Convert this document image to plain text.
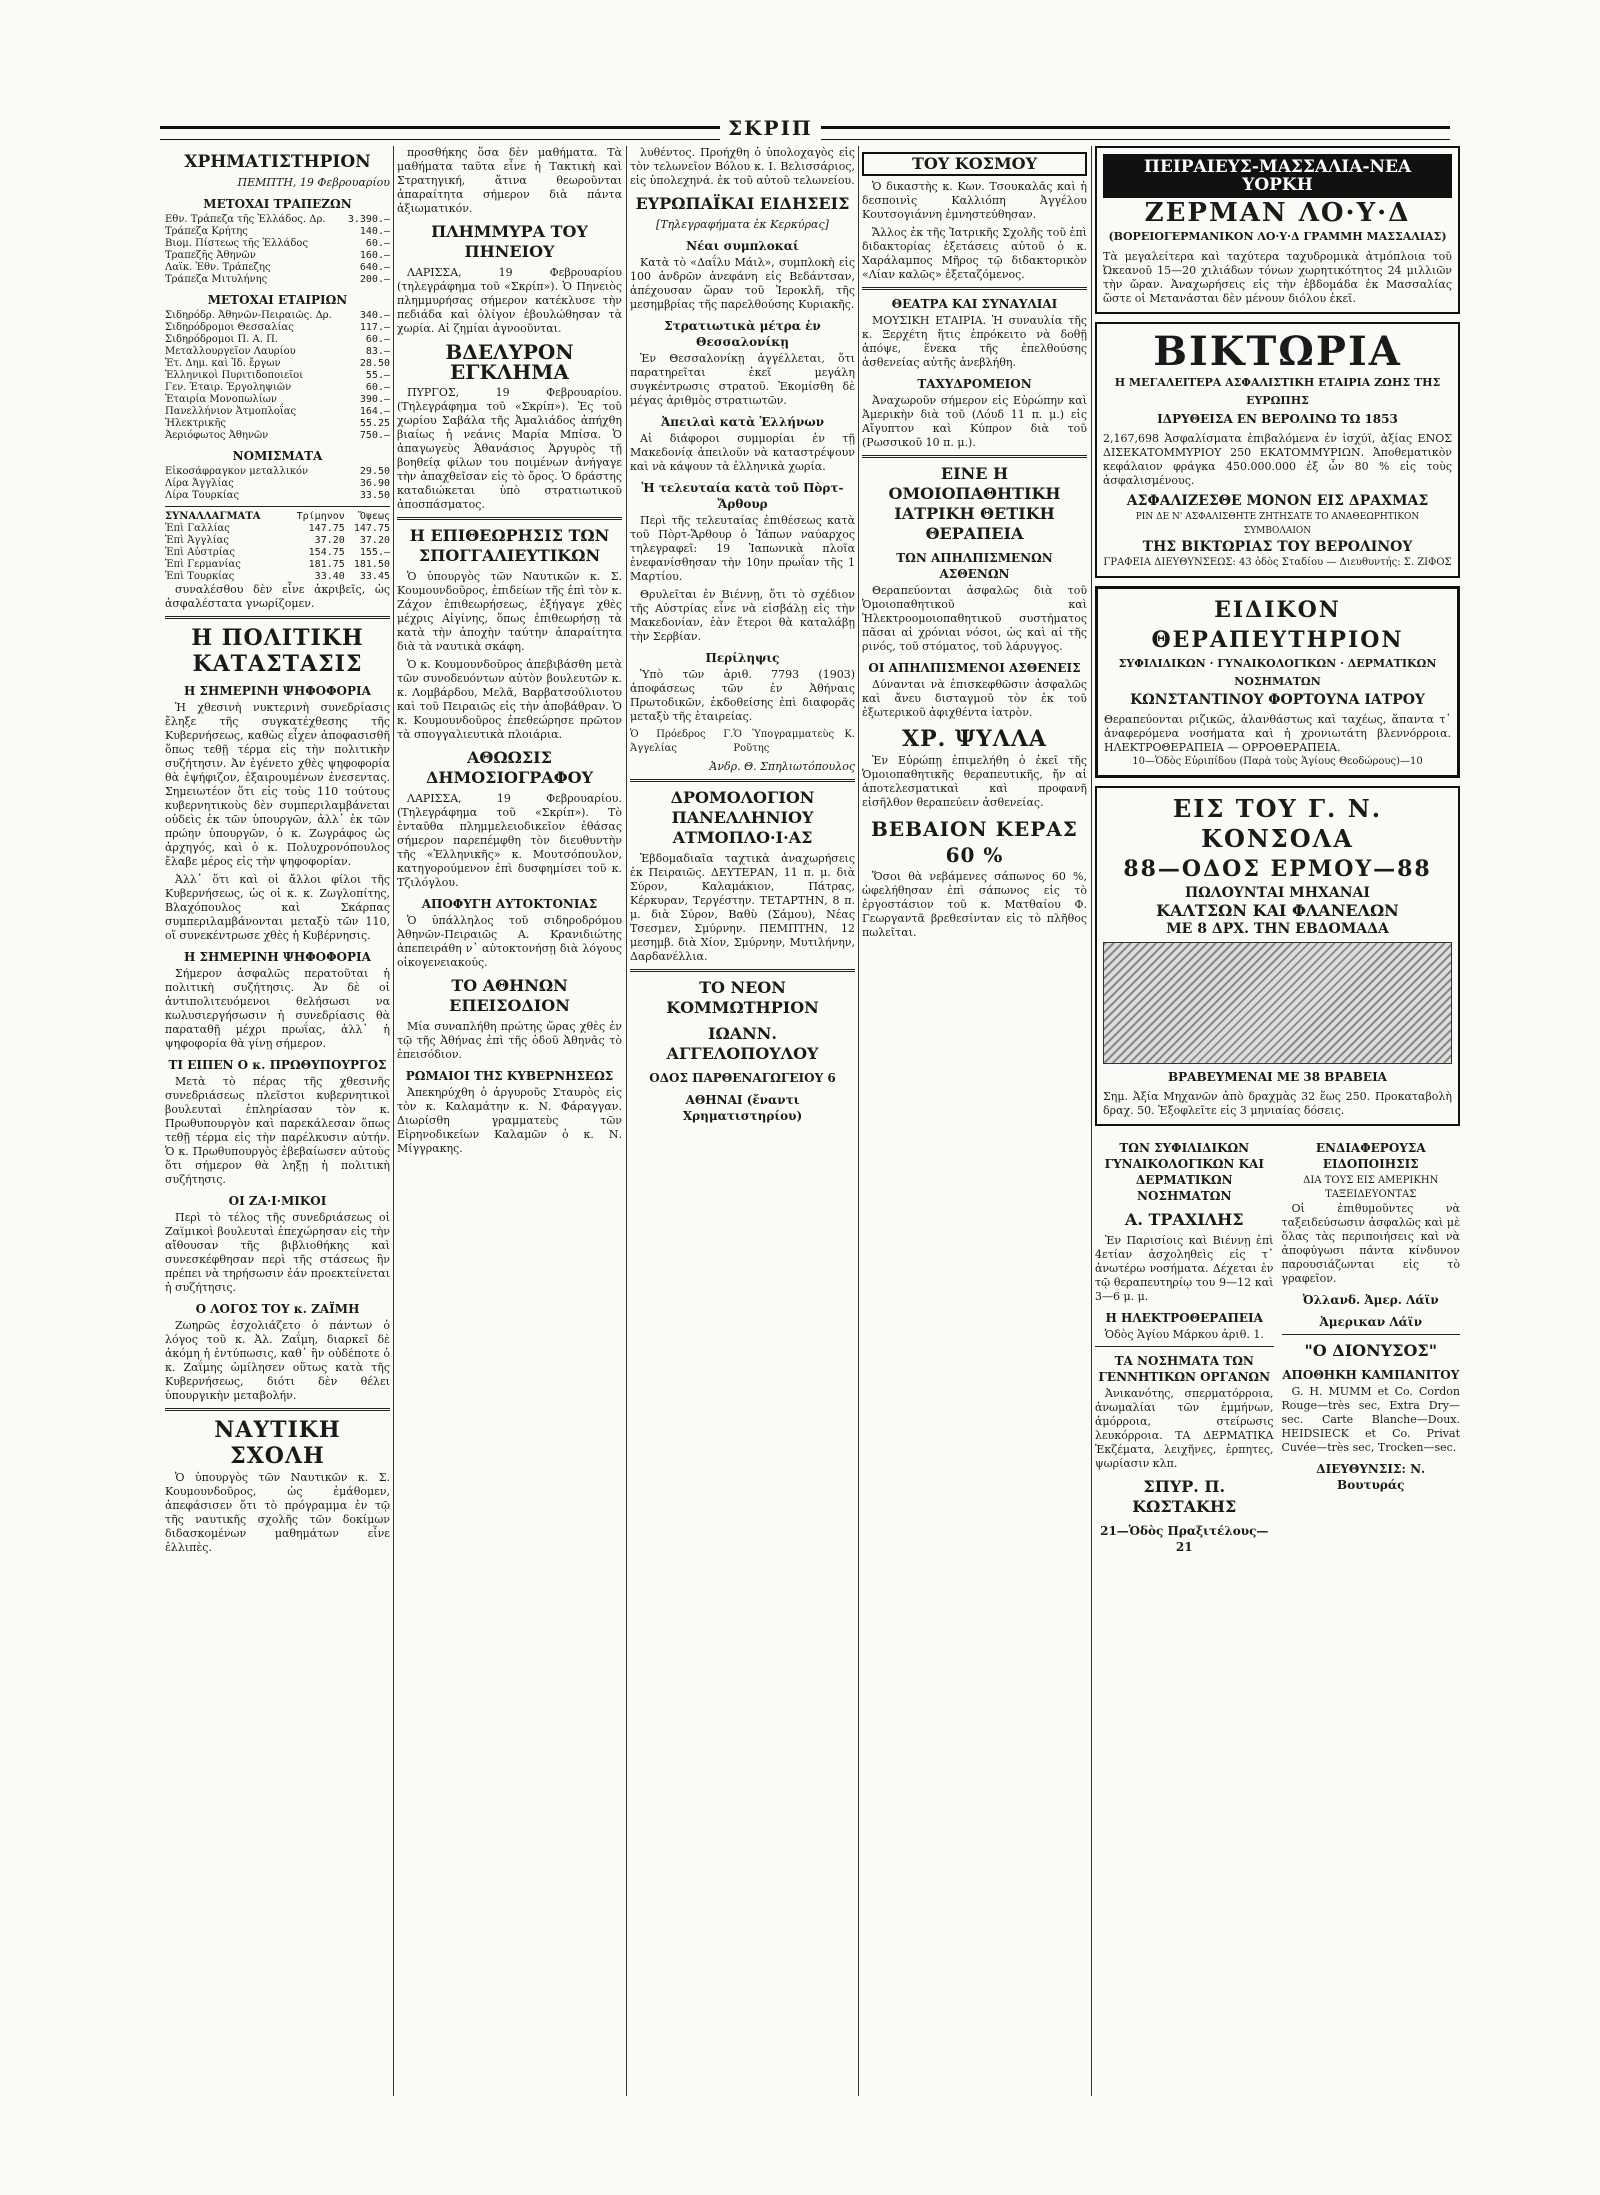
ΣΚΡΙΠ
ΧΡΗΜΑΤΙΣΤΗΡΙΟΝ
ΠΕΜΠΤΗ, 19 Φεβρουαρίου
ΜΕΤΟΧΑΙ ΤΡΑΠΕΖΩΝ
Εθν. Τράπεζα τῆς Ἑλλάδος. Δρ.	3.390.—
Τράπεζα Κρήτης	140.—
Βιομ. Πίστεως τῆς Ἑλλάδος	60.—
Τραπεζῆς Ἀθηνῶν	160.—
Λαϊκ. Ἐθν. Τράπεζης	640.—
Τράπεζα Μιτυλήνης	200.—
ΜΕΤΟΧΑΙ ΕΤΑΙΡΙΩΝ
Σιδηρόδρ. Ἀθηνῶν-Πειραιῶς. Δρ.	340.—
Σιδηρόδρομοι Θεσσαλίας	117.—
Σιδηρόδρομοι Π. Α. Π.	60.—
Μεταλλουργεῖον Λαυρίου	83.—
Ἑτ. Δημ. καὶ Ἰδ. ἔργων	28.50
Ἑλληνικοὶ Πυριτιδοποιεῖοι	55.—
Γεν. Ἑταιρ. Ἐργοληψιῶν	60.—
Ἑταιρία Μονοπωλίων	390.—
Πανελλήνιον Ἀτμοπλοΐας	164.—
Ἠλεκτρικῆς	55.25
Ἀεριόφωτος Ἀθηνῶν	750.—
ΝΟΜΙΣΜΑΤΑ
Εἰκοσάφραγκον μεταλλικόν	29.50
Λίρα Ἀγγλίας	36.90
Λίρα Τουρκίας	33.50
ΣΥΝΑΛΛΑΓΜΑΤΑ	Τρίμηνον	Ὄψεως
Ἐπὶ Γαλλίας	147.75	147.75
Ἐπὶ Ἀγγλίας	37.20	37.20
Ἐπὶ Αὐστρίας	154.75	155.—
Ἐπὶ Γερμανίας	181.75	181.50
Ἐπὶ Τουρκίας	33.40	33.45

συναλέσθου δὲν εἶνε ἀκριβεῖς, ὡς ἀσφαλέστατα γνωρίζομεν.

Η ΠΟΛΙΤΙΚΗ ΚΑΤΑΣΤΑΣΙΣ
Η ΣΗΜΕΡΙΝΗ ΨΗΦΟΦΟΡΙΑ

Ἡ χθεσινὴ νυκτερινὴ συνεδρίασις ἔληξε τῆς συγκατέχθεσης τῆς Κυβερνήσεως, καθὼς εἶχεν ἀποφασισθῆ ὅπως τεθῇ τέρμα εἰς τὴν πολιτικὴν συζήτησιν. Ἀν ἐγένετο χθὲς ψηφοφορία θὰ ἐψήφιζον, ἐξαιρουμένων ἐνεσεντας. Σημειωτέον ὅτι εἰς τοὺς 110 τούτους κυβερνητικοὺς δὲν συμπεριλαμβάνεται οὐδεὶς ἐκ τῶν ὑπουργῶν, ἀλλ᾿ ἐκ τῶν πρώην ὑπουργῶν, ὁ κ. Ζωγράφος ὡς ἀρχηγός, καὶ ὁ κ. Πολυχρονόπουλος ἔλαβε μέρος εἰς τὴν ψηφοφορίαν.

Ἀλλ᾿ ὅτι καὶ οἱ ἄλλοι φίλοι τῆς Κυβερνήσεως, ὡς οἱ κ. κ. Ζωγλοπίτης, Βλαχόπουλος καὶ Σκάρπας συμπεριλαμβάνονται μεταξὺ τῶν 110, οἵ συνεκέντρωσε χθὲς ἡ Κυβέρνησις.

Η ΣΗΜΕΡΙΝΗ ΨΗΦΟΦΟΡΙΑ

Σήμερον ἀσφαλῶς περατοῦται ἡ πολιτικὴ συζήτησις. Ἀν δὲ οἱ ἀντιπολιτευόμενοι θελήσωσι να κωλυσιεργήσωσιν ἡ συνεδρίασις θὰ παραταθῇ μέχρι πρωΐας, ἀλλ᾿ ἡ ψηφοφορία θὰ γίνῃ σήμερον.

ΤΙ ΕΙΠΕΝ Ο κ. ΠΡΩΘΥΠΟΥΡΓΟΣ

Μετὰ τὸ πέρας τῆς χθεσινῆς συνεδριάσεως πλεῖστοι κυβερνητικοὶ βουλευταὶ ἐπληρίασαν τὸν κ. Πρωθυπουργὸν καὶ παρεκάλεσαν ὅπως τεθῇ τέρμα εἰς τὴν παρέλκυσιν αὐτήν. Ὁ κ. Πρωθυπουργὸς ἐβεβαίωσεν αὐτοὺς ὅτι σήμερον θὰ ληξῃ ἡ πολιτικὴ συζήτησις.

ΟΙ ΖΑ·Ι·ΜΙΚΟΙ

Περὶ τὸ τέλος τῆς συνεδριάσεως οἱ Ζαϊμικοὶ βουλευταὶ ἐπεχώρησαν εἰς τὴν αἴθουσαν τῆς βιβλιοθήκης καὶ συνεσκέφθησαν περὶ τῆς στάσεως ἣν πρέπει νὰ τηρήσωσιν ἐάν προεκτείνεται ἡ συζήτησις.

Ο ΛΟΓΟΣ ΤΟΥ κ. ΖΑΪΜΗ

Ζωηρῶς ἐσχολιάζετο ὁ πάντων ὁ λόγος τοῦ κ. Ἀλ. Ζαΐμη, διαρκεῖ δὲ ἀκόμη ἡ ἐντύπωσις, καθ᾿ ἣν οὐδέποτε ὁ κ. Ζαΐμης ὡμίλησεν οὕτως κατὰ τῆς Κυβερνήσεως, διότι δὲν θέλει ὑπουργικὴν μεταβολήν.

ΝΑΥΤΙΚΗ ΣΧΟΛΗ

Ὁ ὑπουργὸς τῶν Ναυτικῶν κ. Σ. Κουμουνδοῦρος, ὡς ἐμάθομεν, ἀπεφάσισεν ὅτι τὸ πρόγραμμα ἐν τῷ τῆς ναυτικῆς σχολῆς τῶν δοκίμων διδασκομένων μαθημάτων εἶνε ἐλλιπὲς.

προσθήκης ὅσα δὲν μαθήματα. Τὰ μαθήματα ταῦτα εἶνε ἡ Τακτικὴ καὶ Στρατηγική, ἅτινα θεωροῦνται ἀπαραίτητα σήμερον διὰ πάντα ἀξιωματικόν.

ΠΛΗΜΜΥΡΑ ΤΟΥ ΠΗΝΕΙΟΥ

ΛΑΡΙΣΣΑ, 19 Φεβρουαρίου (τηλεγράφημα τοῦ «Σκρίπ»). Ὁ Πηνειὸς πλημμυρήσας σήμερον κατέκλυσε τὴν πεδιάδα καὶ ὀλίγον ἐβουλώθησαν τὰ χωρία. Αἱ ζημίαι ἀγνοοῦνται.

ΒΔΕΛΥΡΟΝ ΕΓΚΛΗΜΑ

ΠΥΡΓΟΣ, 19 Φεβρουαρίου. (Τηλεγράφημα τοῦ «Σκρίπ»). Ἐς τοῦ χωρίου Σαβάλα τῆς Ἀμαλιάδος ἀπήχθη βιαίως ἡ νεάνις Μαρία Μπίσα. Ὁ ἀπαγωγεὺς Ἀθανάσιος Ἀργυρὸς τῇ βοηθείᾳ φίλων του ποιμένων ἀνήγαγε τὴν ἀπαχθεῖσαν εἰς τὸ ὄρος. Ὁ δράστης καταδιώκεται ὑπὸ στρατιωτικοῦ ἀποσπάσματος.

Η ΕΠΙΘΕΩΡΗΣΙΣ ΤΩΝ ΣΠΟΓΓΑΛΙΕΥΤΙΚΩΝ

Ὁ ὑπουργὸς τῶν Ναυτικῶν κ. Σ. Κουμουνδοῦρος, ἐπιδείων τῆς ἐπὶ τὸν κ. Ζάχον ἐπιθεωρήσεως, ἐξήγαγε χθὲς μέχρις Αἰγίνης, ὅπως ἐπιθεωρήσῃ τὰ κατὰ τὴν ἀποχὴν ταύτην ἀπαραίτητα διὰ τὰ ναυτικὰ σκάφη.

Ὁ κ. Κουμουνδοῦρος ἀπεβιβάσθη μετὰ τῶν συνοδευόντων αὐτὸν βουλευτῶν κ. κ. Λομβάρδου, Μελᾶ, Βαρβατσούλιοτου καὶ τοῦ Πειραιῶς εἰς τὴν ἀποβάθραν. Ὁ κ. Κουμουνδοῦρος ἐπεθεώρησε πρῶτον τὰ σπογγαλιευτικὰ πλοιάρια.

ΑΘΩΩΣΙΣ ΔΗΜΟΣΙΟΓΡΑΦΟΥ

ΛΑΡΙΣΣΑ, 19 Φεβρουαρίου. (Τηλεγράφημα τοῦ «Σκρίπ»). Τὸ ἐνταῦθα πλημμελειοδικεῖον ἐθάσας σήμερον παρεπέμφθη τὸν διευθυντὴν τῆς «Ἑλληνικῆς» κ. Μουτσόπουλον, κατηγορούμενον ἐπὶ δυσφημίσει τοῦ κ. Τζιλόγλου.

ΑΠΟΦΥΓΗ ΑΥΤΟΚΤΟΝΙΑΣ

Ὁ ὑπάλληλος τοῦ σιδηροδρόμου Ἀθηνῶν-Πειραιῶς Α. Κρανιδιώτης ἀπεπειράθη ν᾿ αὐτοκτονήσῃ διὰ λόγους οἰκογενειακούς.

ΤΟ ΑΘΗΝΩΝ ΕΠΕΙΣΟΔΙΟΝ

Μία συναπλήθη πρώτης ὥρας χθὲς ἐν τῷ τῆς Ἀθήνας ἐπὶ τῆς ὁδοῦ Ἀθηνᾶς τὸ ἐπεισόδιον.

ΡΩΜΑΙΟΙ ΤΗΣ ΚΥΒΕΡΝΗΣΕΩΣ

Ἀπεκηρύχθη ὁ ἀργυροῦς Σταυρὸς εἰς τὸν κ. Καλαμάτην κ. Ν. Φάραγγαν. Διωρίσθη γραμματεὺς τῶν Εἰρηνοδικείων Καλαμῶν ὁ κ. Ν. Μίγγρακης.

λυθέντος. Προήχθη ὁ ὑπολοχαγὸς εἰς τὸν τελωνεῖον Βόλου κ. Ι. Βελισσάριος, εἰς ὑπολεχηνά. ἐκ τοῦ αὐτοῦ τελωνείου.

ΕΥΡΩΠΑΪΚΑΙ ΕΙΔΗΣΕΙΣ
[Τηλεγραφήματα ἐκ Κερκύρας]
Νέαι συμπλοκαί

Κατὰ τὸ «Δαΐλυ Μάιλ», συμπλοκὴ εἰς 100 ἀνδρῶν ἀνεφάνη εἰς Βεδάντσαν, ἀπέχουσαν ὥραν τοῦ Ἰεροκλῆ, τῆς μεσημβρίας τῆς παρελθούσης Κυριακῆς.

Στρατιωτικὰ μέτρα ἐν Θεσσαλονίκῃ

Ἐν Θεσσαλονίκῃ ἀγγέλλεται, ὅτι παρατηρεῖται ἐκεῖ μεγάλη συγκέντρωσις στρατοῦ. Ἐκομίσθη δὲ μέγας ἀριθμὸς στρατιωτῶν.

Ἀπειλαὶ κατὰ Ἑλλήνων

Αἱ διάφοροι συμμορίαι ἐν τῇ Μακεδονίᾳ ἀπειλοῦν νὰ καταστρέψουν καὶ νὰ κάψουν τὰ ἑλληνικὰ χωρία.

Ἡ τελευταία κατὰ τοῦ Πὸρτ-Ἄρθουρ

Περὶ τῆς τελευταίας ἐπιθέσεως κατὰ τοῦ Πὸρτ-Ἄρθουρ ὁ Ἰάπων ναύαρχος τηλεγραφεῖ: 19 Ἰαπωνικὰ πλοῖα ἐνεφανίσθησαν τὴν 10ην πρωΐαν τῆς 1 Μαρτίου.

Θρυλεῖται ἐν Βιέννῃ, ὅτι τὸ σχέδιον τῆς Αὐστρίας εἶνε νὰ εἰσβάλῃ εἰς τὴν Μακεδονίαν, ἐὰν ἕτεροι θὰ καταλάβῃ τὴν Σερβίαν.

Περίληψις

Ὑπὸ τῶν ἀριθ. 7793 (1903) ἀποφάσεως τῶν ἐν Ἀθήναις Πρωτοδικῶν, ἐκδοθείσης ἐπὶ διαφορᾶς μεταξὺ τῆς ἑταιρείας.

Ὁ Πρόεδρος Γ. Ἀγγελίας
Ὁ Ὑπογραμματεὺς Κ. Ροῦτης
Ἀνδρ. Θ. Σπηλιωτόπουλος
ΔΡΟΜΟΛΟΓΙΟΝ ΠΑΝΕΛΛΗΝΙΟΥ ΑΤΜΟΠΛΟ·Ι·ΑΣ

Ἑβδομαδιαῖα ταχτικὰ ἀναχωρήσεις ἐκ Πειραιῶς. ΔΕΥΤΕΡΑΝ, 11 π. μ. διὰ Σύρον, Καλαμάκιον, Πάτρας, Κέρκυραν, Τεργέστην. ΤΕΤΑΡΤΗΝ, 8 π. μ. διὰ Σύρον, Βαθὺ (Σάμου), Νέας Τσεσμεν, Σμύρνην. ΠΕΜΠΤΗΝ, 12 μεσημβ. διὰ Χίον, Σμύρνην, Μυτιλήνην, Δαρδανέλλια.

ΤΟ ΝΕΟΝ ΚΟΜΜΩΤΗΡΙΟΝ
ΙΩΑΝΝ. ΑΓΓΕΛΟΠΟΥΛΟΥ
ΟΔΟΣ ΠΑΡΘΕΝΑΓΩΓΕΙΟΥ 6
ΑΘΗΝΑΙ (ἔναντι Χρηματιστηρίου)
ΤΟΥ ΚΟΣΜΟΥ

Ὁ δικαστὴς κ. Κων. Τσουκαλᾶς καὶ ἡ δεσποινὶς Καλλιόπη Ἀγγέλου Κουτσογιάννη ἐμνηστεύθησαν.

Ἄλλος ἐκ τῆς Ἰατρικῆς Σχολῆς τοῦ ἐπὶ διδακτορίας ἐξετάσεις αὐτοῦ ὁ κ. Χαράλαμπος Μῆρος τῷ διδακτορικὸν «Λίαν καλῶς» ἐξεταζόμενος.

ΘΕΑΤΡΑ ΚΑΙ ΣΥΝΑΥΛΙΑΙ

ΜΟΥΣΙΚΗ ΕΤΑΙΡΙΑ. Ἡ συναυλία τῆς κ. Ξερχέτη ἥτις ἐπρόκειτο νὰ δοθῇ ἀπόψε, ἕνεκα τῆς ἐπελθούσης ἀσθενείας αὐτῆς ἀνεβλήθη.

ΤΑΧΥΔΡΟΜΕΙΟΝ

Ἀναχωροῦν σήμερον εἰς Εὐρώπην καὶ Ἀμερικὴν διὰ τοῦ (Λόυδ 11 π. μ.) εἰς Αἴγυπτον καὶ Κύπρον διὰ τοῦ (Ρωσσικοῦ 10 π. μ.).

ΕΙΝΕ Η ΟΜΟΙΟΠΑΘΗΤΙΚΗ ΙΑΤΡΙΚΗ ΘΕΤΙΚΗ ΘΕΡΑΠΕΙΑ
ΤΩΝ ΑΠΗΛΠΙΣΜΕΝΩΝ ΑΣΘΕΝΩΝ

Θεραπεύονται ἀσφαλῶς διὰ τοῦ Ὁμοιοπαθητικοῦ καὶ Ἠλεκτροομοιοπαθητικοῦ συστήματος πᾶσαι αἱ χρόνιαι νόσοι, ὡς καὶ αἱ τῆς ρινός, τοῦ στόματος, τοῦ λάρυγγος.

ΟΙ ΑΠΗΛΠΙΣΜΕΝΟΙ ΑΣΘΕΝΕΙΣ

Δύνανται νὰ ἐπισκεφθῶσιν ἀσφαλῶς καὶ ἄνευ δισταγμοῦ τὸν ἐκ τοῦ ἐξωτερικοῦ ἀφιχθέντα ἰατρὸν.

ΧΡ. ΨΥΛΛΑ

Ἐν Εὐρώπῃ ἐπιμελήθη ὁ ἐκεῖ τῆς Ὁμοιοπαθητικῆς θεραπευτικῆς, ἤν αἱ ἀποτελεσματικαὶ καὶ προφανῆ εἰσῆλθον θεραπεύειν ἀσθενείας.

ΒΕΒΑΙΟΝ ΚΕΡΑΣ 60 %

Ὅσοι θὰ νεβάμενες σάπωνος 60 %, ὠφελήθησαν ἐπὶ σάπωνος εἰς τὸ ἐργοστάσιον τοῦ κ. Ματθαίου Φ. Γεωργαντᾶ βρεθεσίνταν εἰς τὸ πλῆθος πωλεῖται.

ΠΕΙΡΑΙΕΥΣ-ΜΑΣΣΑΛΙΑ-ΝΕΑ ΥΟΡΚΗ
ΖΕΡΜΑΝ ΛΟ·Υ·Δ
(ΒΟΡΕΙΟΓΕΡΜΑΝΙΚΟΝ ΛΟ·Υ·Δ ΓΡΑΜΜΗ ΜΑΣΣΑΛΙΑΣ)
Τὰ μεγαλείτερα καὶ ταχύτερα ταχυδρομικὰ ἀτμόπλοια τοῦ Ὠκεανοῦ 15—20 χιλιάδων τόνων χωρητικότητος 24 μιλλιῶν τὴν ὥραν. Ἀναχωρήσεις εἰς τὴν ἑβδομάδα ἐκ Μασσαλίας ὥστε οἱ Μετανάσται δὲν μένουν διόλου ἐκεῖ.
ΒΙΚΤΩΡΙΑ
Η ΜΕΓΑΛΕΙΤΕΡΑ ΑΣΦΑΛΙΣΤΙΚΗ ΕΤΑΙΡΙΑ ΖΩΗΣ ΤΗΣ ΕΥΡΩΠΗΣ
ΙΔΡΥΘΕΙΣΑ ΕΝ ΒΕΡΟΛΙΝΩ ΤΩ 1853
2,167,698 Ἀσφαλίσματα ἐπιβαλόμενα ἐν ἰσχύϊ, ἀξίας ΕΝΟΣ ΔΙΣΕΚΑΤΟΜΜΥΡΙΟΥ 250 ΕΚΑΤΟΜΜΥΡΙΩΝ. Ἀποθεματικὸν κεφάλαιον φράγκα 450.000.000 ἐξ ὧν 80 % εἰς τοὺς ἀσφαλισμένους.
ΑΣΦΑΛΙΖΕΣΘΕ ΜΟΝΟΝ ΕΙΣ ΔΡΑΧΜΑΣ
ΡΙΝ ΔΕ Ν' ΑΣΦΑΛΙΣΘΗΤΕ ΖΗΤΗΣΑΤΕ ΤΟ ΑΝΑΘΕΩΡΗΤΙΚΟΝ ΣΥΜΒΟΛΑΙΟΝ
ΤΗΣ ΒΙΚΤΩΡΙΑΣ ΤΟΥ ΒΕΡΟΛΙΝΟΥ
ΓΡΑΦΕΙΑ ΔΙΕΥΘΥΝΣΕΩΣ: 43 ὁδὸς Σταδίου — Διευθυντής: Σ. ΖΙΦΟΣ
ΕΙΔΙΚΟΝ ΘΕΡΑΠΕΥΤΗΡΙΟΝ
ΣΥΦΙΛΙΔΙΚΩΝ · ΓΥΝΑΙΚΟΛΟΓΙΚΩΝ · ΔΕΡΜΑΤΙΚΩΝ ΝΟΣΗΜΑΤΩΝ
ΚΩΝΣΤΑΝΤΙΝΟΥ ΦΟΡΤΟΥΝΑ ΙΑΤΡΟΥ
Θεραπεύονται ριζικῶς, ἀλανθάστως καὶ ταχέως, ἅπαντα τ᾿ ἀναφερόμενα νοσήματα καὶ ἡ χρονιωτάτη βλεννόρροια. ΗΛΕΚΤΡΟΘΕΡΑΠΕΙΑ — ΟΡΡΟΘΕΡΑΠΕΙΑ.
10—Ὁδὸς Εὐριπίδου (Παρὰ τοὺς Ἁγίους Θεοδώρους)—10
ΕΙΣ ΤΟΥ Γ. Ν. ΚΟΝΣΟΛΑ
88—ΟΔΟΣ ΕΡΜΟΥ—88
ΠΩΛΟΥΝΤΑΙ ΜΗΧΑΝΑΙ
ΚΑΛΤΣΩΝ ΚΑΙ ΦΛΑΝΕΛΩΝ
ΜΕ 8 ΔΡΧ. ΤΗΝ ΕΒΔΟΜΑΔΑ
ΒΡΑΒΕΥΜΕΝΑΙ ΜΕ 38 ΒΡΑΒΕΙΑ
Σημ. Ἀξία Μηχανῶν ἀπὸ δραχμὰς 32 ἕως 250. Προκαταβολὴ δραχ. 50. Ἐξοφλεῖτε εἰς 3 μηνιαίας δόσεις.
ΤΩΝ ΣΥΦΙΛΙΔΙΚΩΝ ΓΥΝΑΙΚΟΛΟΓΙΚΩΝ ΚΑΙ ΔΕΡΜΑΤΙΚΩΝ ΝΟΣΗΜΑΤΩΝ
Α. ΤΡΑΧΙΛΗΣ

Ἐν Παρισίοις καὶ Βιέννῃ ἐπὶ 4ετίαν ἀσχοληθεὶς εἰς τ᾿ ἀνωτέρω νοσήματα. Δέχεται ἐν τῷ θεραπευτηρίῳ του 9—12 καὶ 3—6 μ. μ.

Η ΗΛΕΚΤΡΟΘΕΡΑΠΕΙΑ
Ὁδὸς Ἁγίου Μάρκου ἀριθ. 1.
ΤΑ ΝΟΣΗΜΑΤΑ ΤΩΝ ΓΕΝΝΗΤΙΚΩΝ ΟΡΓΑΝΩΝ

Ἀνικανότης, σπερματόρροια, ἀνωμαλίαι τῶν ἐμμήνων, ἀμόρροια, στείρωσις λευκόρροια. ΤΑ ΔΕΡΜΑΤΙΚΑ Ἐκζέματα, λειχῆνες, ἑρπητες, ψωρίασιν κλπ.

ΣΠΥΡ. Π. ΚΩΣΤΑΚΗΣ
21—Ὁδὸς Πραξιτέλους—21
ΕΝΔΙΑΦΕΡΟΥΣΑ ΕΙΔΟΠΟΙΗΣΙΣ
ΔΙΑ ΤΟΥΣ ΕΙΣ ΑΜΕΡΙΚΗΝ ΤΑΞΕΙΔΕΥΟΝΤΑΣ

Οἱ ἐπιθυμοῦντες νὰ ταξειδεύσωσιν ἀσφαλῶς καὶ μὲ ὅλας τὰς περιποιήσεις καὶ νὰ ἀποφύγωσι πάντα κίνδυνον παρουσιάζωνται εἰς τὸ γραφεῖον.

Ὀλλανδ. Ἀμερ. Λάϊν
Ἀμερικαν Λάϊν
"Ο ΔΙΟΝΥΣΟΣ"
ΑΠΟΘΗΚΗ ΚΑΜΠΑΝΙΤΟΥ

G. H. MUMM et Co. Cordon Rouge—très sec, Extra Dry—sec. Carte Blanche—Doux. HEIDSIECK et Co. Privat Cuvée—très sec, Trocken—sec.

ΔΙΕΥΘΥΝΣΙΣ: Ν. Βουτυράς
